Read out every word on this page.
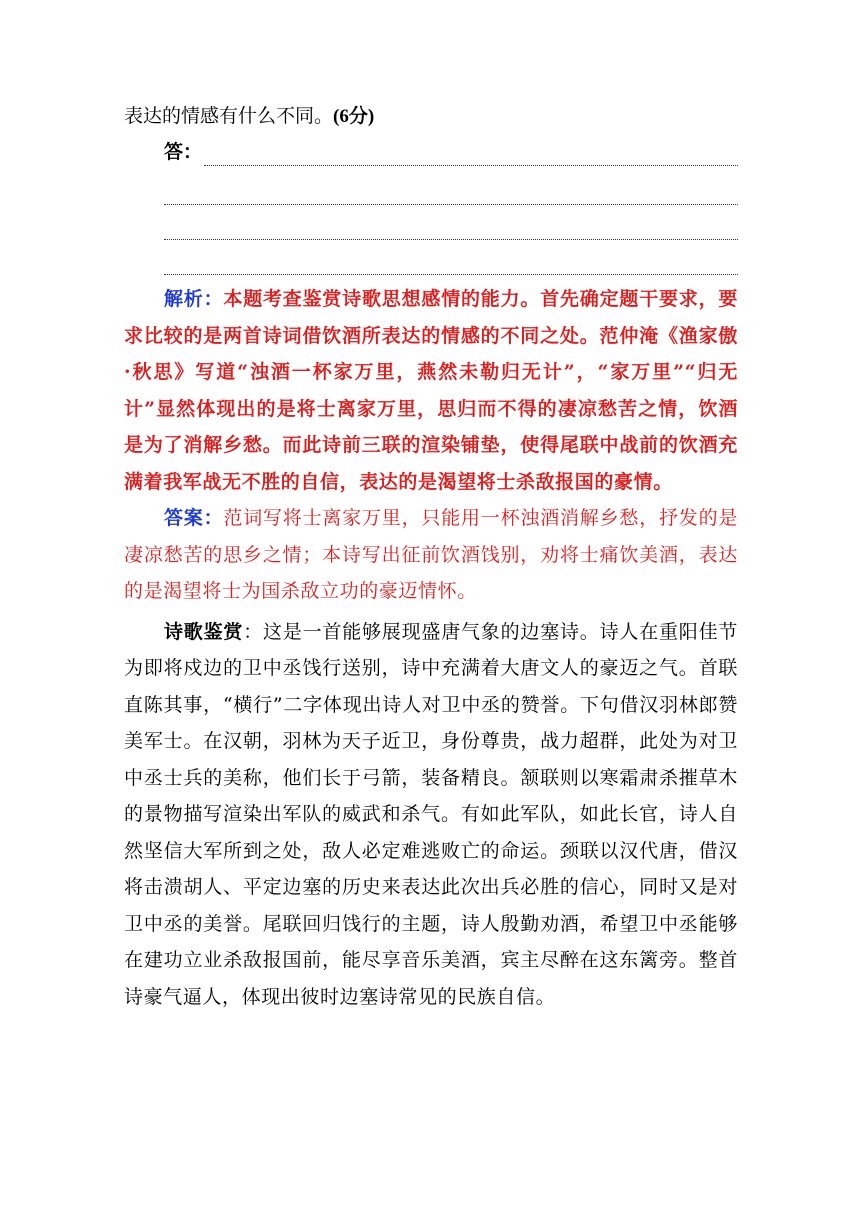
表达的情感有什么不同。(6分)

答：

解析：本题考查鉴赏诗歌思想感情的能力。首先确定题干要求，要求比较的是两首诗词借饮酒所表达的情感的不同之处。范仲淹《渔家傲·秋思》写道“浊酒一杯家万里，燕然未勒归无计”，“家万里”“归无计”显然体现出的是将士离家万里，思归而不得的凄凉愁苦之情，饮酒是为了消解乡愁。而此诗前三联的渲染铺垫，使得尾联中战前的饮酒充满着我军战无不胜的自信，表达的是渴望将士杀敌报国的豪情。

答案：范词写将士离家万里，只能用一杯浊酒消解乡愁，抒发的是凄凉愁苦的思乡之情；本诗写出征前饮酒饯别，劝将士痛饮美酒，表达的是渴望将士为国杀敌立功的豪迈情怀。

诗歌鉴赏：这是一首能够展现盛唐气象的边塞诗。诗人在重阳佳节为即将戍边的卫中丞饯行送别，诗中充满着大唐文人的豪迈之气。首联直陈其事，“横行”二字体现出诗人对卫中丞的赞誉。下句借汉羽林郎赞美军士。在汉朝，羽林为天子近卫，身份尊贵，战力超群，此处为对卫中丞士兵的美称，他们长于弓箭，装备精良。颔联则以寒霜肃杀摧草木的景物描写渲染出军队的威武和杀气。有如此军队，如此长官，诗人自然坚信大军所到之处，敌人必定难逃败亡的命运。颈联以汉代唐，借汉将击溃胡人、平定边塞的历史来表达此次出兵必胜的信心，同时又是对卫中丞的美誉。尾联回归饯行的主题，诗人殷勤劝酒，希望卫中丞能够在建功立业杀敌报国前，能尽享音乐美酒，宾主尽醉在这东篱旁。整首诗豪气逼人，体现出彼时边塞诗常见的民族自信。
